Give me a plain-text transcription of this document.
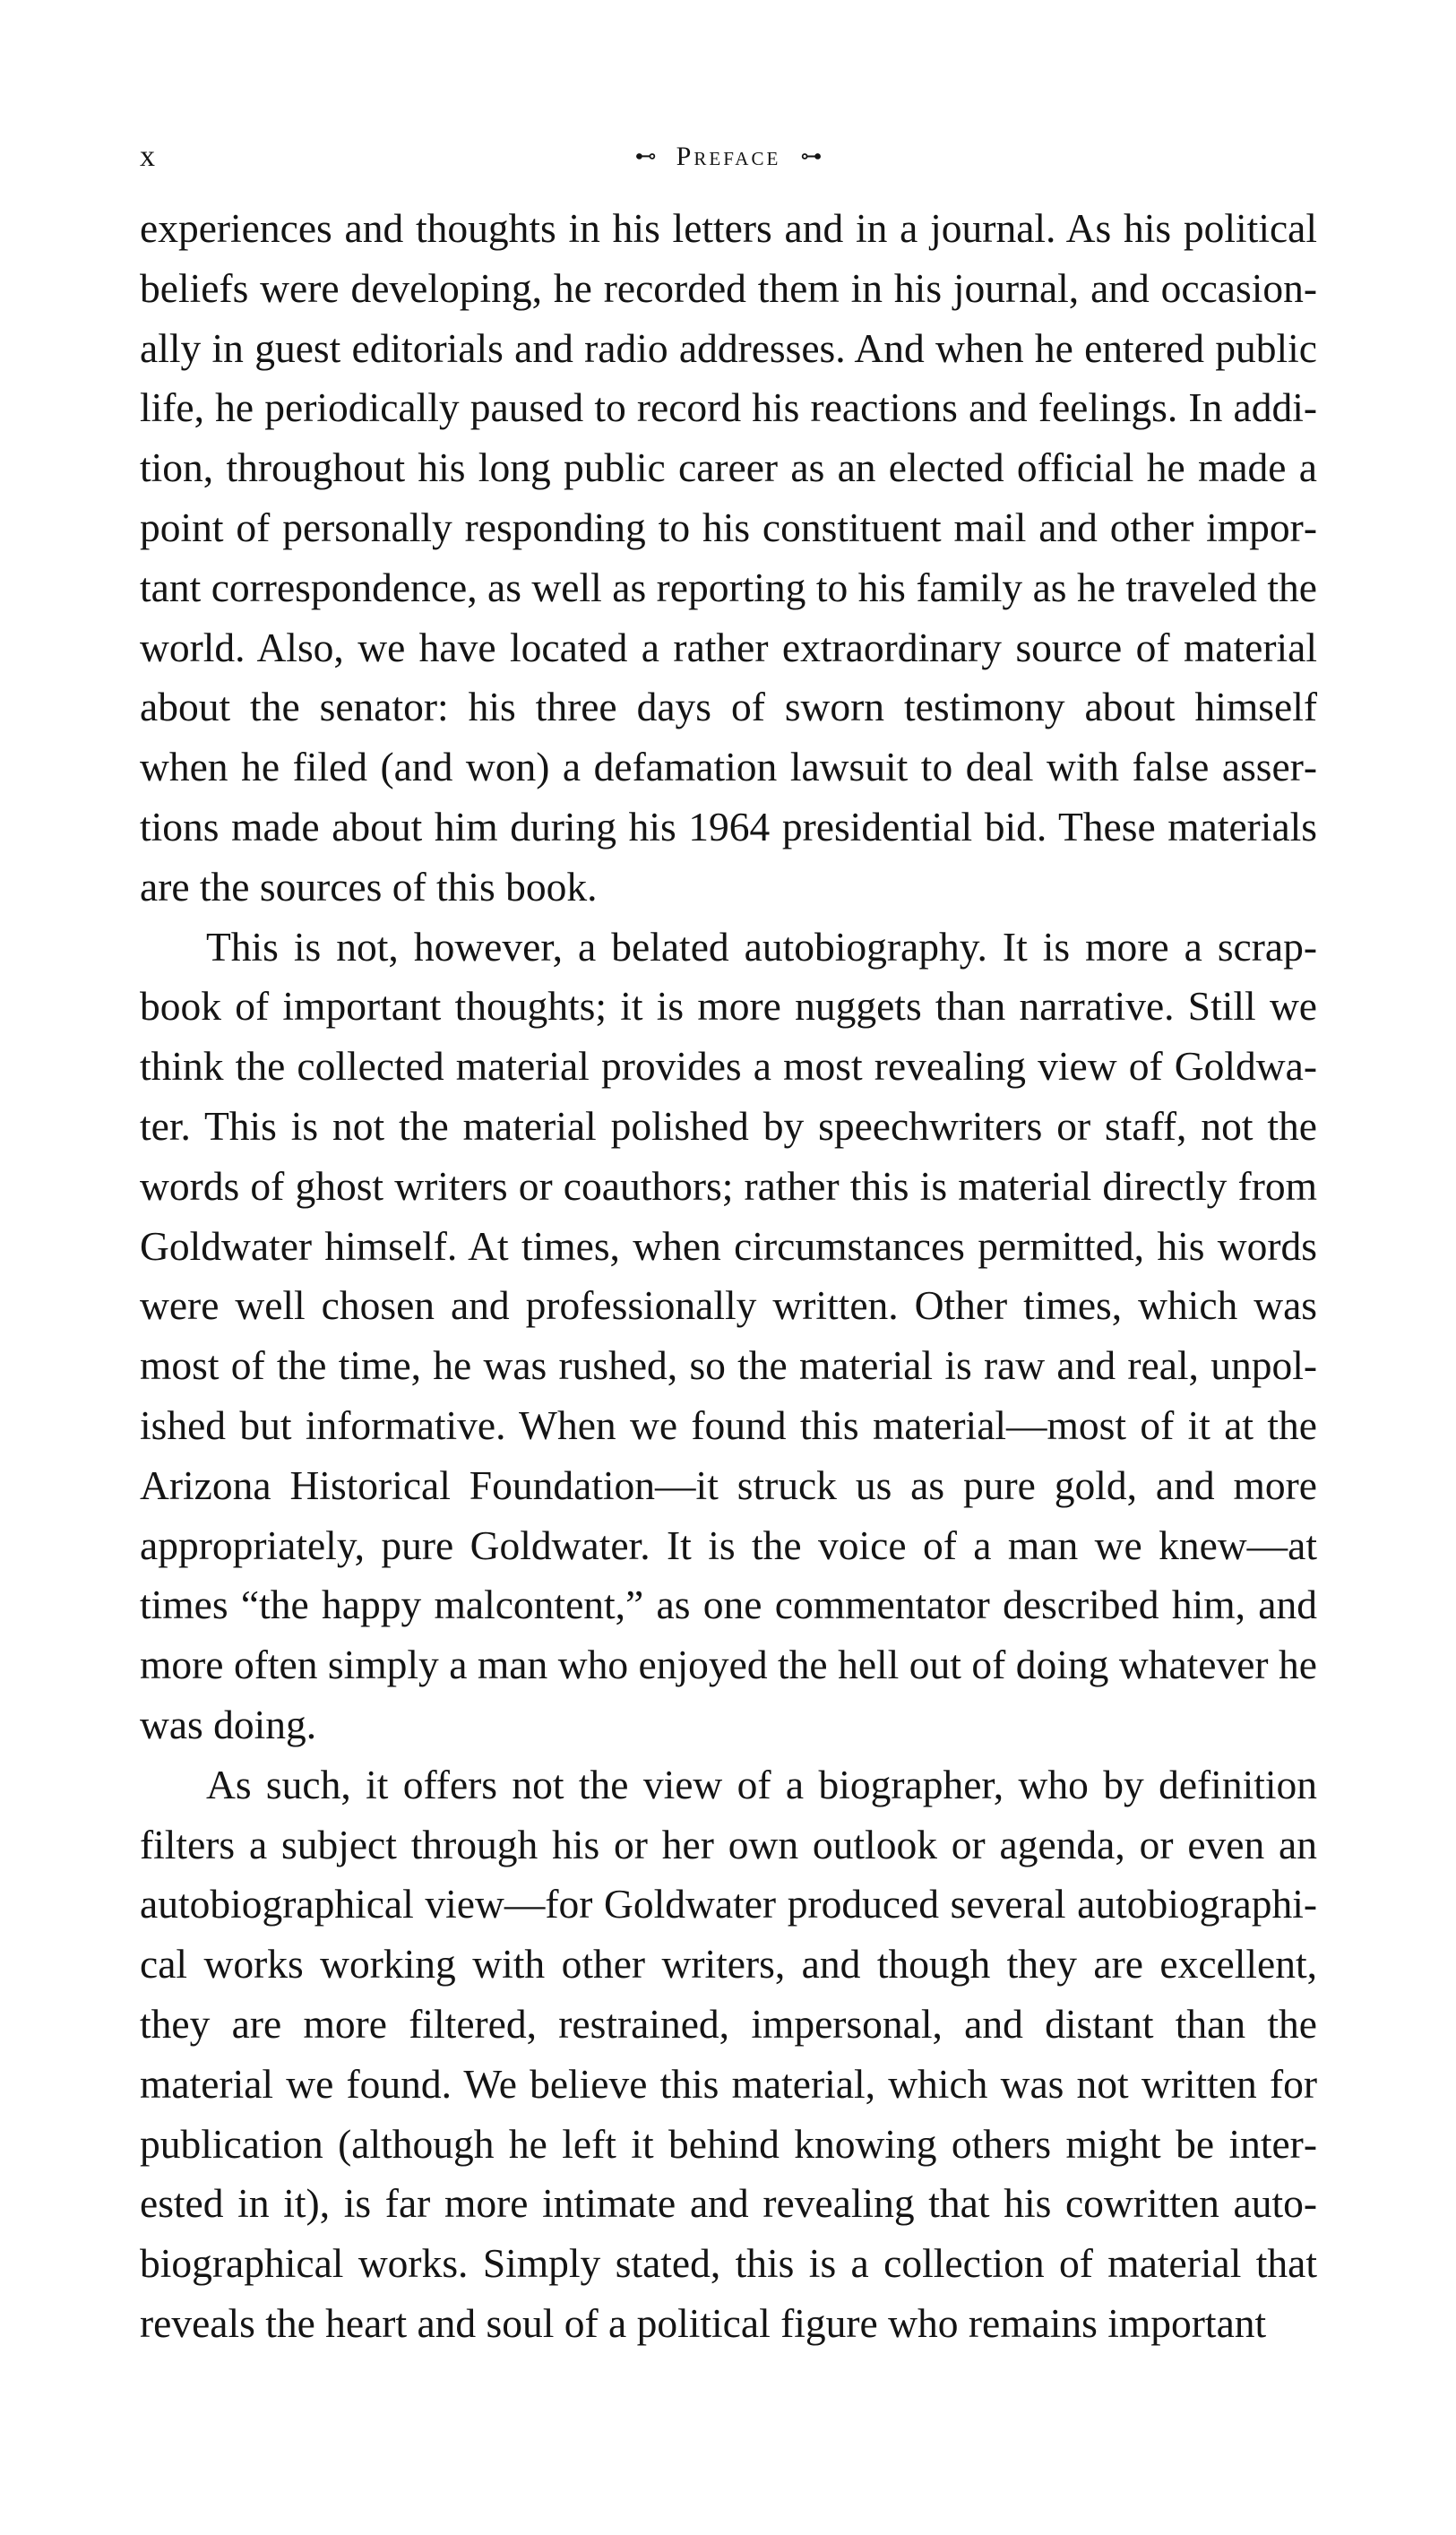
x	⊷ Preface ⊶

experiences and thoughts in his letters and in a journal. As his political beliefs were developing, he recorded them in his journal, and occasionally in guest editorials and radio addresses. And when he entered public life, he periodically paused to record his reactions and feelings. In addition, throughout his long public career as an elected official he made a point of personally responding to his constituent mail and other important correspondence, as well as reporting to his family as he traveled the world. Also, we have located a rather extraordinary source of material about the senator: his three days of sworn testimony about himself when he filed (and won) a defamation lawsuit to deal with false assertions made about him during his 1964 presidential bid. These materials are the sources of this book.

This is not, however, a belated autobiography. It is more a scrapbook of important thoughts; it is more nuggets than narrative. Still we think the collected material provides a most revealing view of Goldwater. This is not the material polished by speechwriters or staff, not the words of ghost writers or coauthors; rather this is material directly from Goldwater himself. At times, when circumstances permitted, his words were well chosen and professionally written. Other times, which was most of the time, he was rushed, so the material is raw and real, unpolished but informative. When we found this material—most of it at the Arizona Historical Foundation—it struck us as pure gold, and more appropriately, pure Goldwater. It is the voice of a man we knew—at times “the happy malcontent,” as one commentator described him, and more often simply a man who enjoyed the hell out of doing whatever he was doing.

As such, it offers not the view of a biographer, who by definition filters a subject through his or her own outlook or agenda, or even an autobiographical view—for Goldwater produced several autobiographical works working with other writers, and though they are excellent, they are more filtered, restrained, impersonal, and distant than the material we found. We believe this material, which was not written for publication (although he left it behind knowing others might be interested in it), is far more intimate and revealing that his cowritten autobiographical works. Simply stated, this is a collection of material that reveals the heart and soul of a political figure who remains important
